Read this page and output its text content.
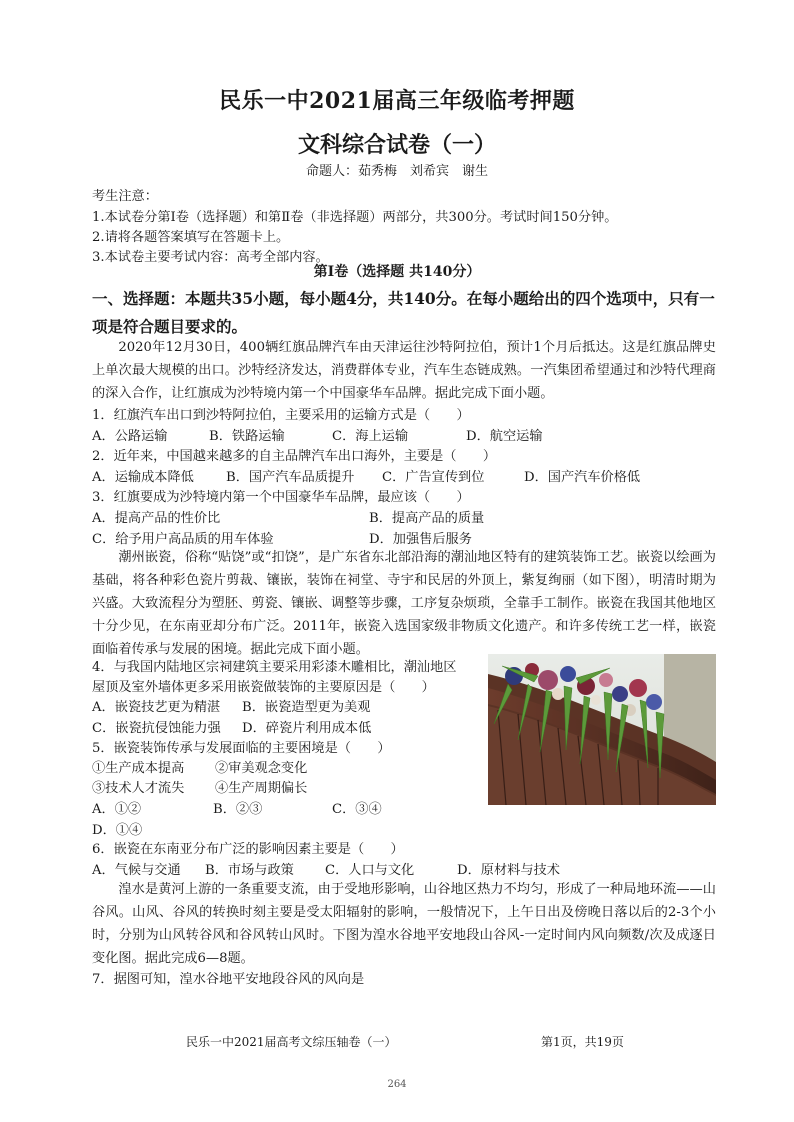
民乐一中2021届高三年级临考押题
文科综合试卷（一）
命题人：茹秀梅　刘希宾　谢生
考生注意：
1.本试卷分第Ⅰ卷（选择题）和第Ⅱ卷（非选择题）两部分，共300分。考试时间150分钟。
2.请将各题答案填写在答题卡上。
3.本试卷主要考试内容：高考全部内容。
第Ⅰ卷（选择题 共140分）
一、选择题：本题共35小题，每小题4分，共140分。在每小题给出的四个选项中，只有一项是符合题目要求的。

2020年12月30日，400辆红旗品牌汽车由天津运往沙特阿拉伯，预计1个月后抵达。这是红旗品牌史上单次最大规模的出口。沙特经济发达，消费群体专业，汽车生态链成熟。一汽集团希望通过和沙特代理商的深入合作，让红旗成为沙特境内第一个中国豪华车品牌。据此完成下面小题。

1．红旗汽车出口到沙特阿拉伯，主要采用的运输方式是（　　）
A．公路运输	B．铁路运输	C．海上运输	D．航空运输
2．近年来，中国越来越多的自主品牌汽车出口海外，主要是（　　）
A．运输成本降低 B．国产汽车品质提升 C．广告宣传到位	D．国产汽车价格低
3．红旗要成为沙特境内第一个中国豪华车品牌，最应该（　　）
A．提高产品的性价比	B．提高产品的质量
C．给予用户高品质的用车体验	D．加强售后服务

潮州嵌瓷，俗称“贴饶”或“扣饶”，是广东省东北部沿海的潮汕地区特有的建筑装饰工艺。嵌瓷以绘画为基础，将各种彩色瓷片剪裁、镶嵌，装饰在祠堂、寺宇和民居的外顶上，紫复绚丽（如下图），明清时期为兴盛。大致流程分为塑胚、剪瓷、镶嵌、调整等步骤，工序复杂烦琐，全靠手工制作。嵌瓷在我国其他地区十分少见，在东南亚却分布广泛。2011年，嵌瓷入选国家级非物质文化遗产。和许多传统工艺一样，嵌瓷面临着传承与发展的困境。据此完成下面小题。

4．与我国内陆地区宗祠建筑主要采用彩漆木雕相比，潮汕地区
屋顶及室外墙体更多采用嵌瓷做装饰的主要原因是（　　）
A．嵌瓷技艺更为精湛 B．嵌瓷造型更为美观
C．嵌瓷抗侵蚀能力强 D．碎瓷片利用成本低
5．嵌瓷装饰传承与发展面临的主要困境是（　　）
①生产成本提高 ②审美观念变化
③技术人才流失 ④生产周期偏长
A．①②	B．②③	C．③④
D．①④
6．嵌瓷在东南亚分布广泛的影响因素主要是（　　）
A．气候与交通 B．市场与政策 C．人口与文化	D．原材料与技术

湟水是黄河上游的一条重要支流，由于受地形影响，山谷地区热力不均匀，形成了一种局地环流——山谷风。山风、谷风的转换时刻主要是受太阳辐射的影响，一般情况下，上午日出及傍晚日落以后的2-3个小时，分别为山风转谷风和谷风转山风时。下图为湟水谷地平安地段山谷风-一定时间内风向频数/次及成逐日变化图。据此完成6—8题。

7．据图可知，湟水谷地平安地段谷风的风向是
民乐一中2021届高考文综压轴卷（一）	第1页，共19页
264
